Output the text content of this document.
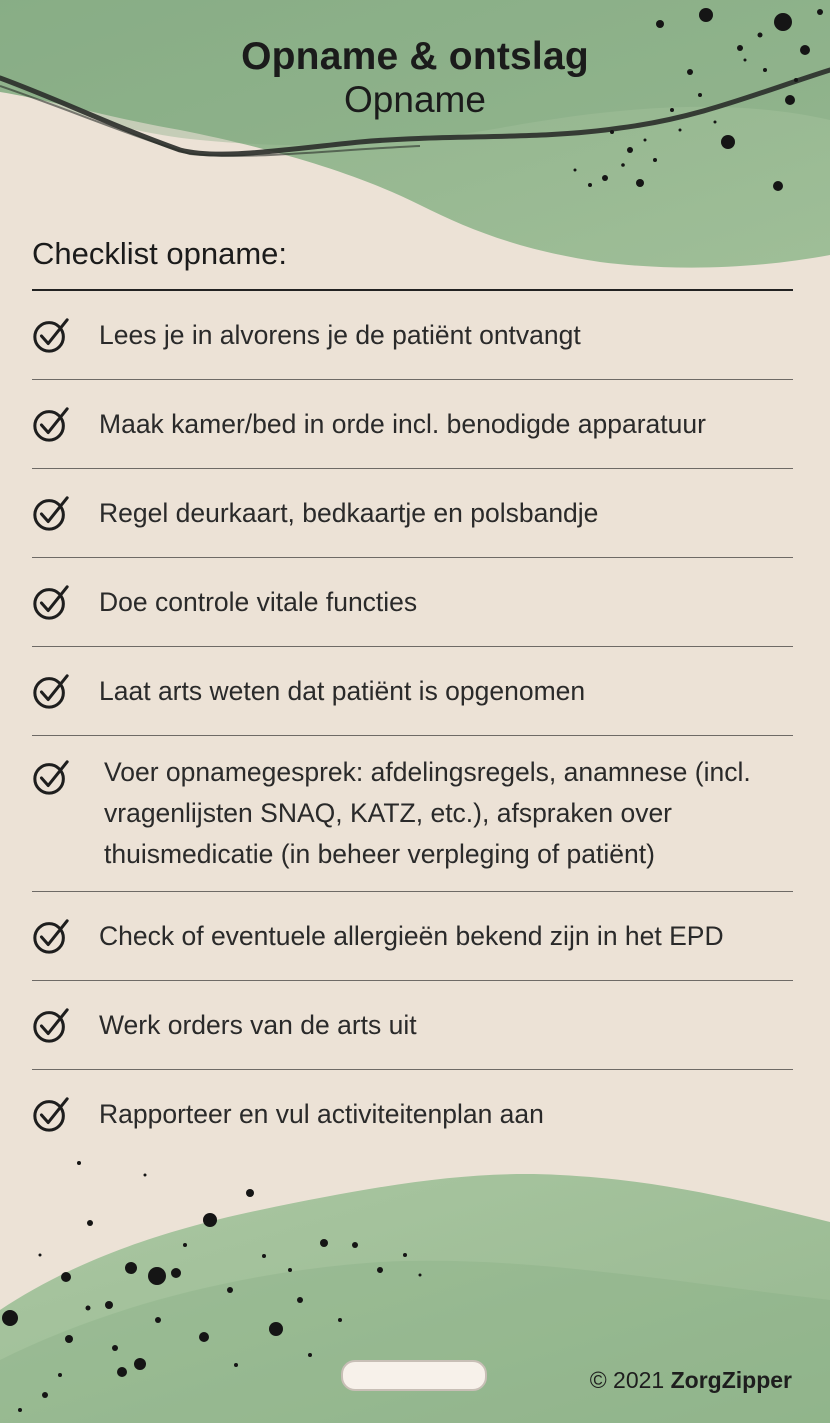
Opname & ontslag
Opname
Checklist opname:
Lees je in alvorens je de patiënt ontvangt
Maak kamer/bed in orde incl. benodigde apparatuur
Regel deurkaart, bedkaartje en polsbandje
Doe controle vitale functies
Laat arts weten dat patiënt is opgenomen
Voer opnamegesprek: afdelingsregels, anamnese (incl. vragenlijsten SNAQ, KATZ, etc.), afspraken over thuismedicatie (in beheer verpleging of patiënt)
Check of eventuele allergieën bekend zijn in het EPD
Werk orders van de arts uit
Rapporteer en vul activiteitenplan aan
© 2021 ZorgZipper
